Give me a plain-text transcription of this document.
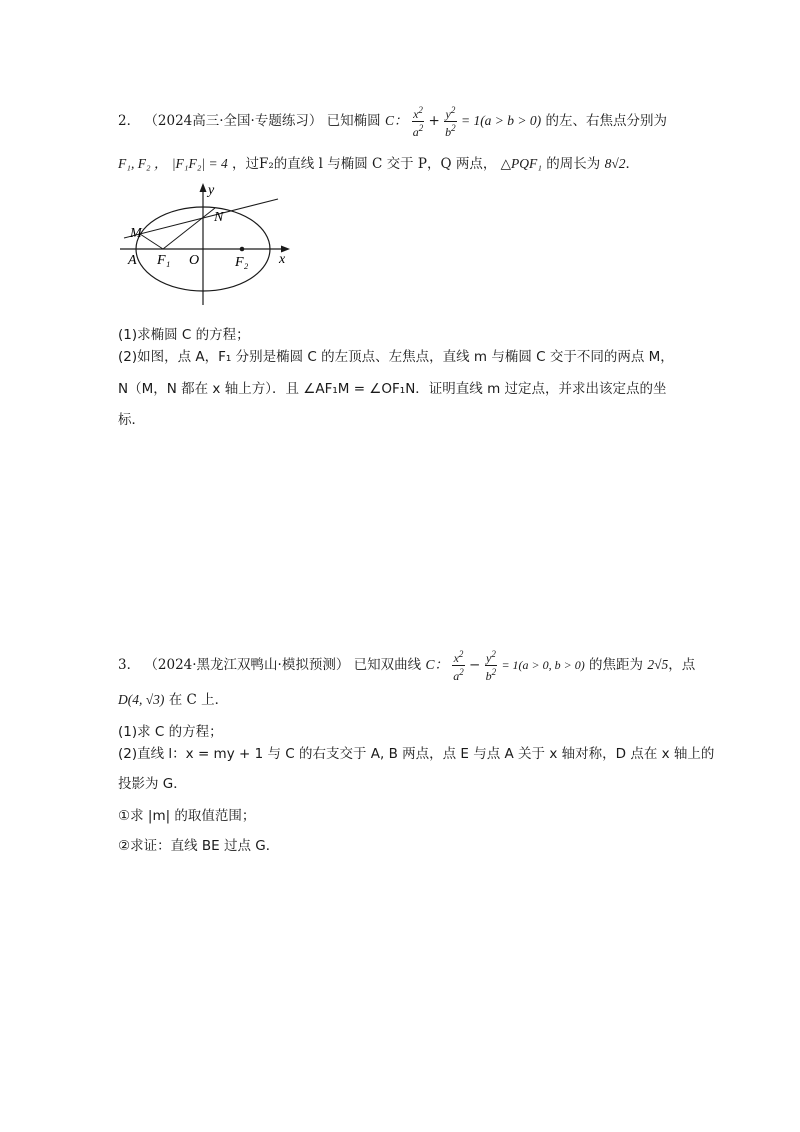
2． （2024高三·全国·专题练习） 已知椭圆 C： $\frac{x^2}{a^2} + \frac{y^2}{b^2} = 1(a > b > 0)$ 的左、右焦点分别为
F₁, F₂ ， |F₁F₂| = 4 ，过F₂的直线 l 与椭圆 C 交于 P，Q 两点， △PQF₁ 的周长为 8√2．
y
x
M
N
A F₁ O	F₂
(1)求椭圆 C 的方程；
(2)如图，点 A，F₁ 分别是椭圆 C 的左顶点、左焦点，直线 m 与椭圆 C 交于不同的两点 M，
N（M，N 都在 x 轴上方）．且 ∠AF₁M = ∠OF₁N．证明直线 m 过定点，并求出该定点的坐
标．
3． （2024·黑龙江双鸭山·模拟预测） 已知双曲线 C： $\frac{x^2}{a^2} - \frac{y^2}{b^2} = 1(a > 0$, b > 0) 的焦距为 2√5，点
D(4, √3) 在 C 上．
(1)求 C 的方程；
(2)直线 l：x = my + 1 与 C 的右支交于 A, B 两点，点 E 与点 A 关于 x 轴对称，D 点在 x 轴上的
投影为 G．
①求 |m| 的取值范围；
②求证：直线 BE 过点 G．
